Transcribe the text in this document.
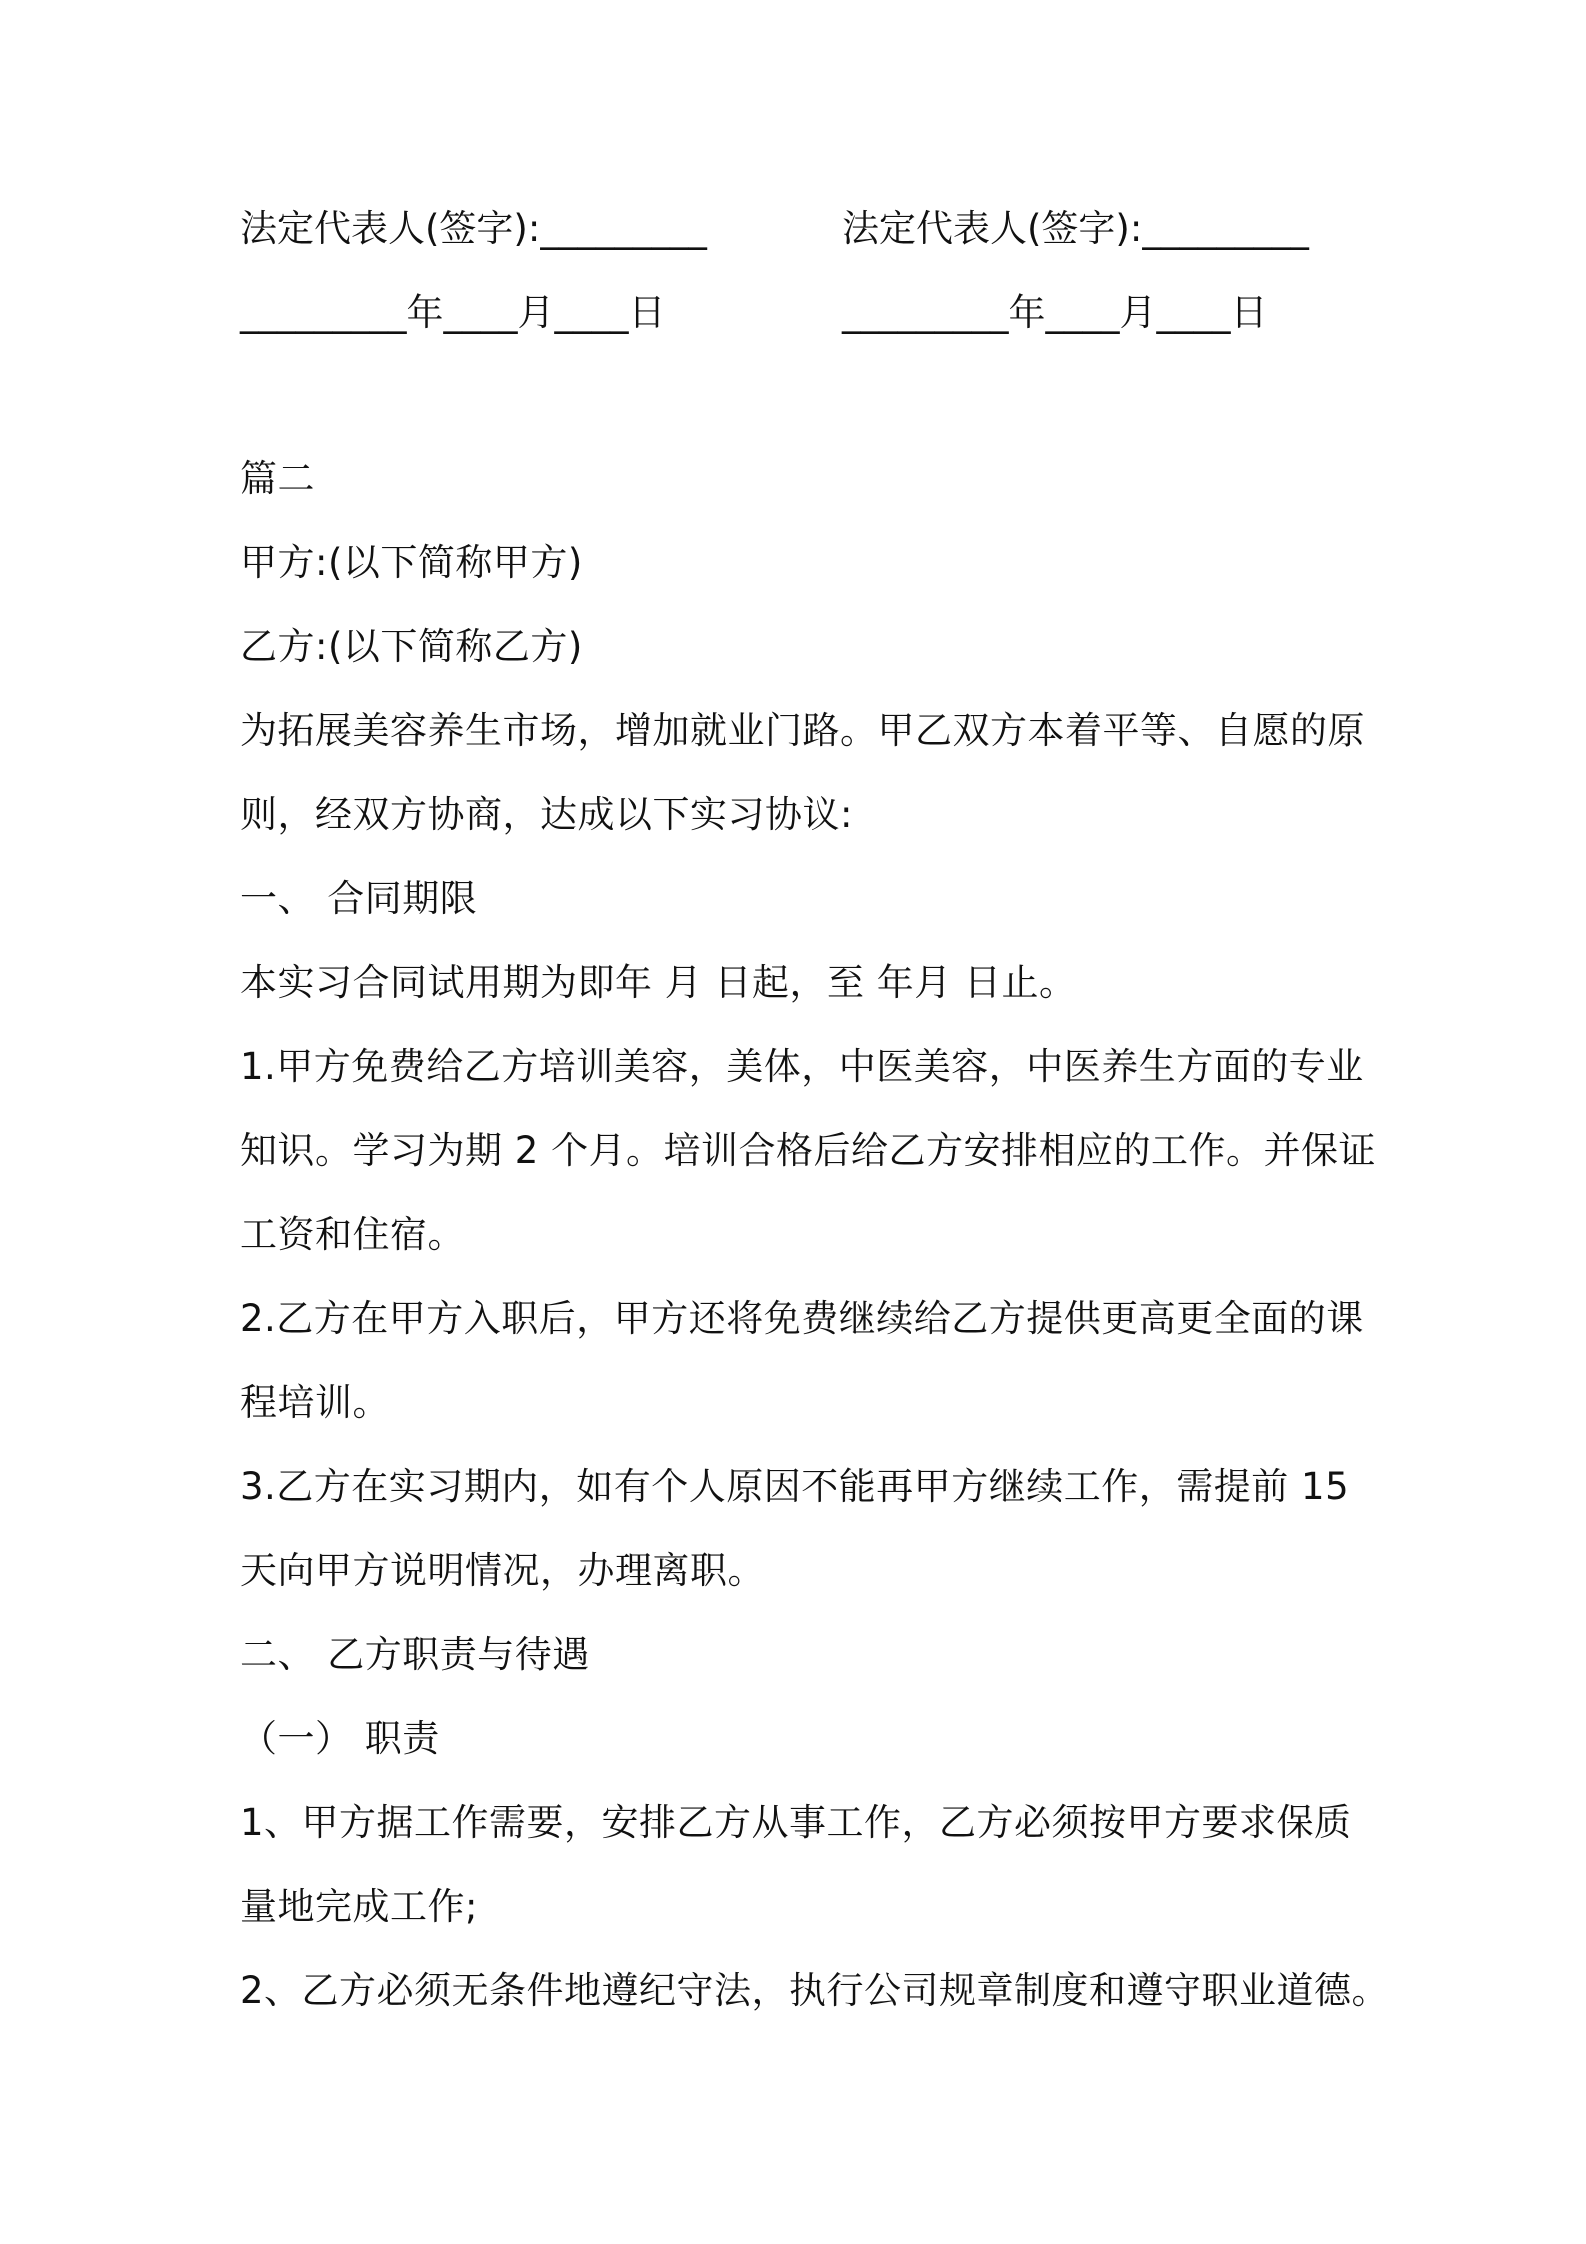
法定代表人(签字):_________	法定代表人(签字):_________
_________年____月____日	_________年____月____日
篇二
甲方:(以下简称甲方)
乙方:(以下简称乙方)
为拓展美容养生市场，增加就业门路。甲乙双方本着平等、自愿的原
则，经双方协商，达成以下实习协议:
一、 合同期限
本实习合同试用期为即年 月 日起，至 年月 日止。
1.甲方免费给乙方培训美容，美体，中医美容，中医养生方面的专业
知识。学习为期 2 个月。培训合格后给乙方安排相应的工作。并保证
工资和住宿。
2.乙方在甲方入职后，甲方还将免费继续给乙方提供更高更全面的课
程培训。
3.乙方在实习期内，如有个人原因不能再甲方继续工作，需提前 15
天向甲方说明情况，办理离职。
二、 乙方职责与待遇
（一） 职责
1、甲方据工作需要，安排乙方从事工作，乙方必须按甲方要求保质
量地完成工作;
2、乙方必须无条件地遵纪守法，执行公司规章制度和遵守职业道德。
